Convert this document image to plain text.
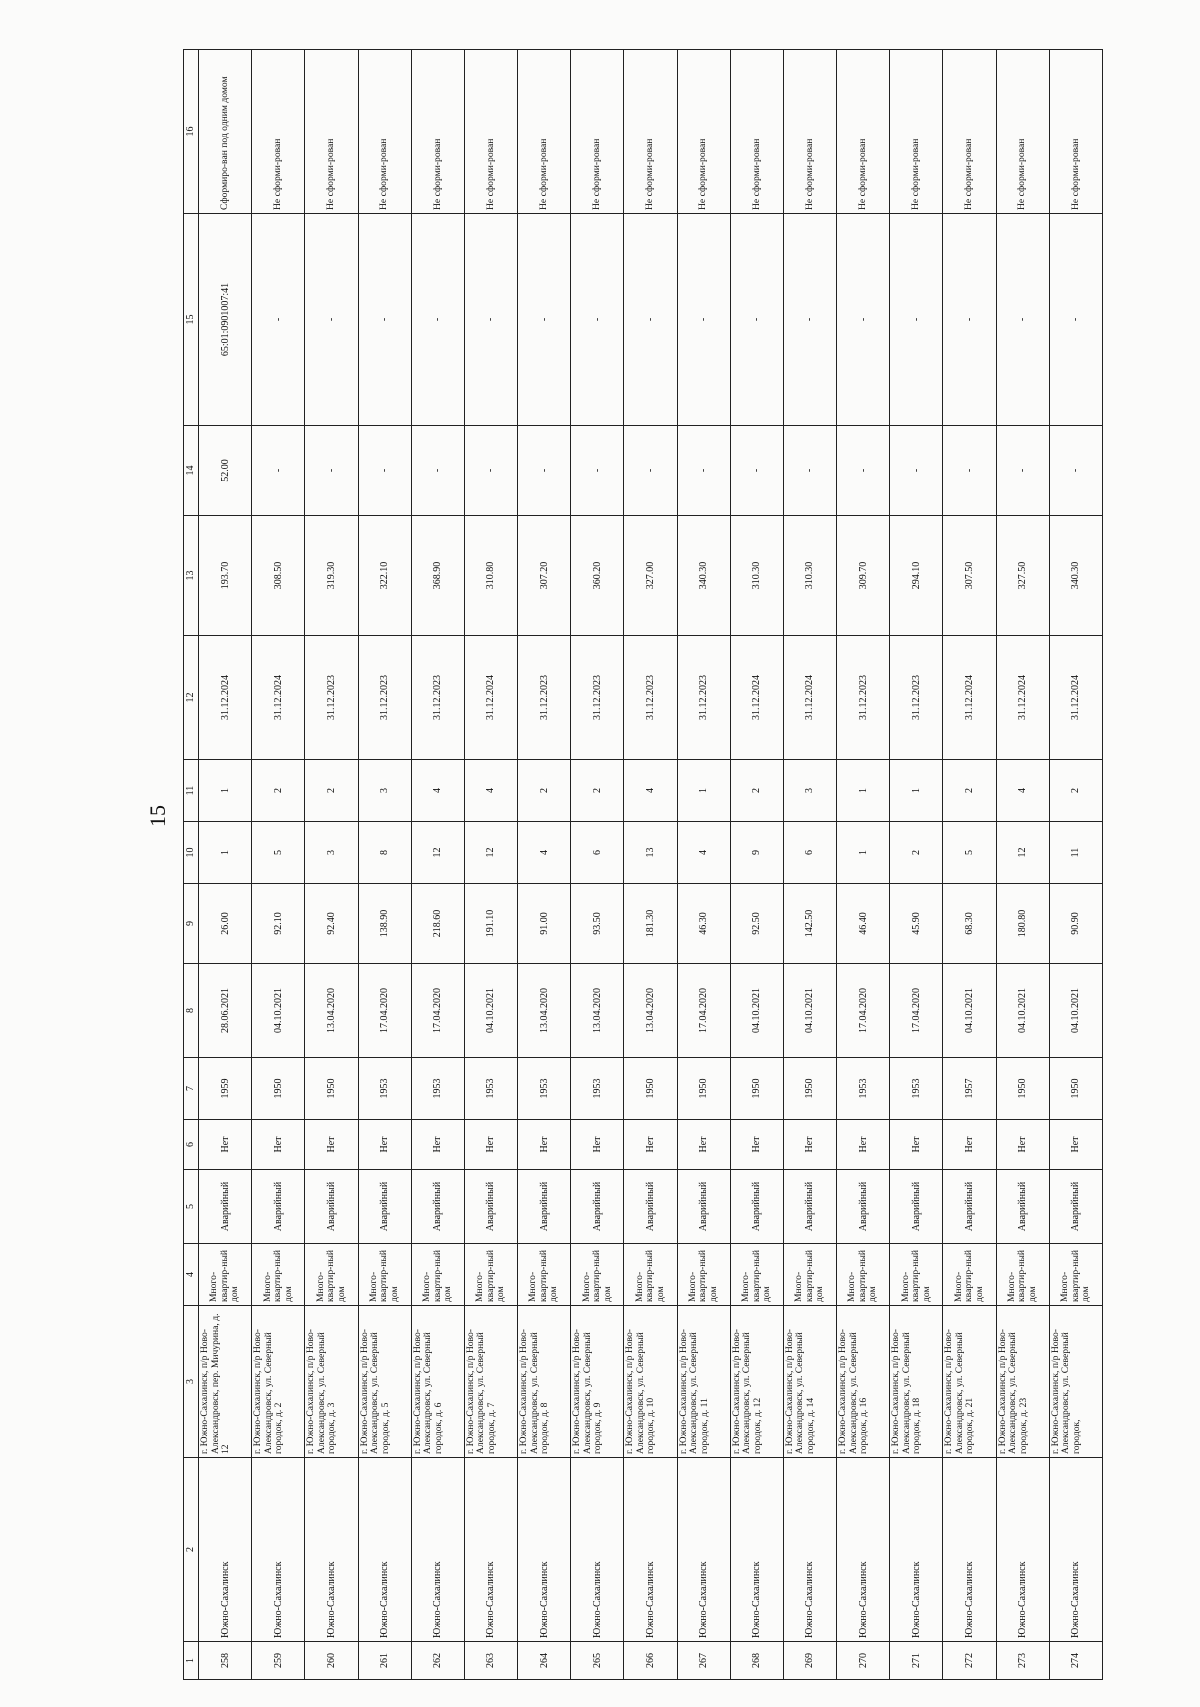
15
1	2	3	4	5	6	7	8	9	10	11	12	13	14	15	16
258	Южно-Сахалинск	г. Южно-Сахалинск, п/р Ново-Александровск, пер. Мичурина, д. 12	Много-квартир-ный дом	Аварийный	Нет	1959	28.06.2021	26.00	1	1	31.12.2024	193.70	52.00	65:01:0901007:41	Сформиро-ван под одним домом
259	Южно-Сахалинск	г. Южно-Сахалинск, п/р Ново-Александровск, ул. Северный городок, д. 2	Много-квартир-ный дом	Аварийный	Нет	1950	04.10.2021	92.10	5	2	31.12.2024	308.50	-	-	Не сформи-рован
260	Южно-Сахалинск	г. Южно-Сахалинск, п/р Ново-Александровск, ул. Северный городок, д. 3	Много-квартир-ный дом	Аварийный	Нет	1950	13.04.2020	92.40	3	2	31.12.2023	319.30	-	-	Не сформи-рован
261	Южно-Сахалинск	г. Южно-Сахалинск, п/р Ново-Александровск, ул. Северный городок, д. 5	Много-квартир-ный дом	Аварийный	Нет	1953	17.04.2020	138.90	8	3	31.12.2023	322.10	-	-	Не сформи-рован
262	Южно-Сахалинск	г. Южно-Сахалинск, п/р Ново-Александровск, ул. Северный городок, д. 6	Много-квартир-ный дом	Аварийный	Нет	1953	17.04.2020	218.60	12	4	31.12.2023	368.90	-	-	Не сформи-рован
263	Южно-Сахалинск	г. Южно-Сахалинск, п/р Ново-Александровск, ул. Северный городок, д. 7	Много-квартир-ный дом	Аварийный	Нет	1953	04.10.2021	191.10	12	4	31.12.2024	310.80	-	-	Не сформи-рован
264	Южно-Сахалинск	г. Южно-Сахалинск, п/р Ново-Александровск, ул. Северный городок, д. 8	Много-квартир-ный дом	Аварийный	Нет	1953	13.04.2020	91.00	4	2	31.12.2023	307.20	-	-	Не сформи-рован
265	Южно-Сахалинск	г. Южно-Сахалинск, п/р Ново-Александровск, ул. Северный городок, д. 9	Много-квартир-ный дом	Аварийный	Нет	1953	13.04.2020	93.50	6	2	31.12.2023	360.20	-	-	Не сформи-рован
266	Южно-Сахалинск	г. Южно-Сахалинск, п/р Ново-Александровск, ул. Северный городок, д. 10	Много-квартир-ный дом	Аварийный	Нет	1950	13.04.2020	181.30	13	4	31.12.2023	327.00	-	-	Не сформи-рован
267	Южно-Сахалинск	г. Южно-Сахалинск, п/р Ново-Александровск, ул. Северный городок, д. 11	Много-квартир-ный дом	Аварийный	Нет	1950	17.04.2020	46.30	4	1	31.12.2023	340.30	-	-	Не сформи-рован
268	Южно-Сахалинск	г. Южно-Сахалинск, п/р Ново-Александровск, ул. Северный городок, д. 12	Много-квартир-ный дом	Аварийный	Нет	1950	04.10.2021	92.50	9	2	31.12.2024	310.30	-	-	Не сформи-рован
269	Южно-Сахалинск	г. Южно-Сахалинск, п/р Ново-Александровск, ул. Северный городок, д. 14	Много-квартир-ный дом	Аварийный	Нет	1950	04.10.2021	142.50	6	3	31.12.2024	310.30	-	-	Не сформи-рован
270	Южно-Сахалинск	г. Южно-Сахалинск, п/р Ново-Александровск, ул. Северный городок, д. 16	Много-квартир-ный дом	Аварийный	Нет	1953	17.04.2020	46.40	1	1	31.12.2023	309.70	-	-	Не сформи-рован
271	Южно-Сахалинск	г. Южно-Сахалинск, п/р Ново-Александровск, ул. Северный городок, д. 18	Много-квартир-ный дом	Аварийный	Нет	1953	17.04.2020	45.90	2	1	31.12.2023	294.10	-	-	Не сформи-рован
272	Южно-Сахалинск	г. Южно-Сахалинск, п/р Ново-Александровск, ул. Северный городок, д. 21	Много-квартир-ный дом	Аварийный	Нет	1957	04.10.2021	68.30	5	2	31.12.2024	307.50	-	-	Не сформи-рован
273	Южно-Сахалинск	г. Южно-Сахалинск, п/р Ново-Александровск, ул. Северный городок, д. 23	Много-квартир-ный дом	Аварийный	Нет	1950	04.10.2021	180.80	12	4	31.12.2024	327.50	-	-	Не сформи-рован
274	Южно-Сахалинск	г. Южно-Сахалинск, п/р Ново-Александровск, ул. Северный городок,	Много-квартир-ный дом	Аварийный	Нет	1950	04.10.2021	90.90	11	2	31.12.2024	340.30	-	-	Не сформи-рован
